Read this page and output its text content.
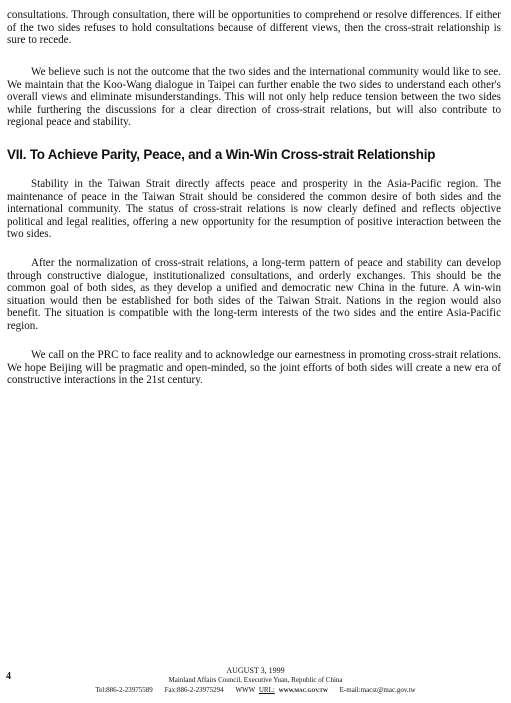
consultations. Through consultation, there will be opportunities to comprehend or resolve differences. If either of the two sides refuses to hold consultations because of different views, then the cross-strait relationship is sure to recede.

We believe such is not the outcome that the two sides and the international community would like to see. We maintain that the Koo-Wang dialogue in Taipei can further enable the two sides to understand each other's overall views and eliminate misunderstandings. This will not only help reduce tension between the two sides while furthering the discussions for a clear direction of cross-strait relations, but will also contribute to regional peace and stability.

VII. To Achieve Parity, Peace, and a Win-Win Cross-strait Relationship

Stability in the Taiwan Strait directly affects peace and prosperity in the Asia-Pacific region. The maintenance of peace in the Taiwan Strait should be considered the common desire of both sides and the international community. The status of cross-strait relations is now clearly defined and reflects objective political and legal realities, offering a new opportunity for the resumption of positive interaction between the two sides.

After the normalization of cross-strait relations, a long-term pattern of peace and stability can develop through constructive dialogue, institutionalized consultations, and orderly exchanges. This should be the common goal of both sides, as they develop a unified and democratic new China in the future. A win-win situation would then be established for both sides of the Taiwan Strait. Nations in the region would also benefit. The situation is compatible with the long-term interests of the two sides and the entire Asia-Pacific region.

We call on the PRC to face reality and to acknowledge our earnestness in promoting cross-strait relations. We hope Beijing will be pragmatic and open-minded, so the joint efforts of both sides will create a new era of constructive interactions in the 21st century.

4
AUGUST 3, 1999
Mainland Affairs Council, Executive Yuan, Republic of China
Tel:886-2-23975589 Fax:886-2-23975294 WWW URL: WWW.MAC.GOV.TW E-mail:macst@mac.gov.tw
